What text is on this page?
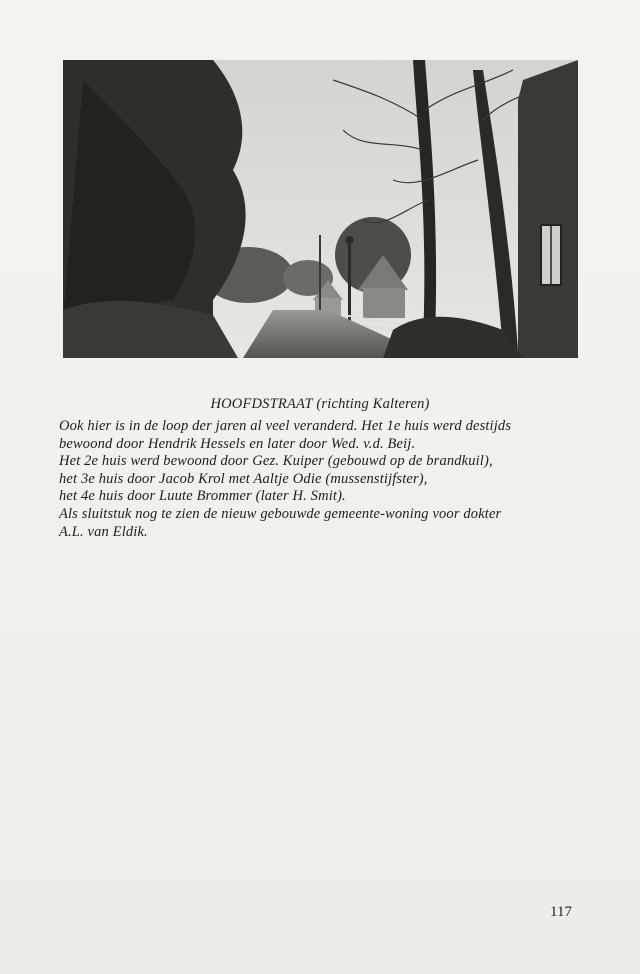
HOOFDSTRAAT (richting Kalteren)

Ook hier is in de loop der jaren al veel veranderd. Het 1e huis werd destijds

bewoond door Hendrik Hessels en later door Wed. v.d. Beij.

Het 2e huis werd bewoond door Gez. Kuiper (gebouwd op de brandkuil),

het 3e huis door Jacob Krol met Aaltje Odie (mussenstijfster),

het 4e huis door Luute Brommer (later H. Smit).

Als sluitstuk nog te zien de nieuw gebouwde gemeente-woning voor dokter

A.L. van Eldik.

117
